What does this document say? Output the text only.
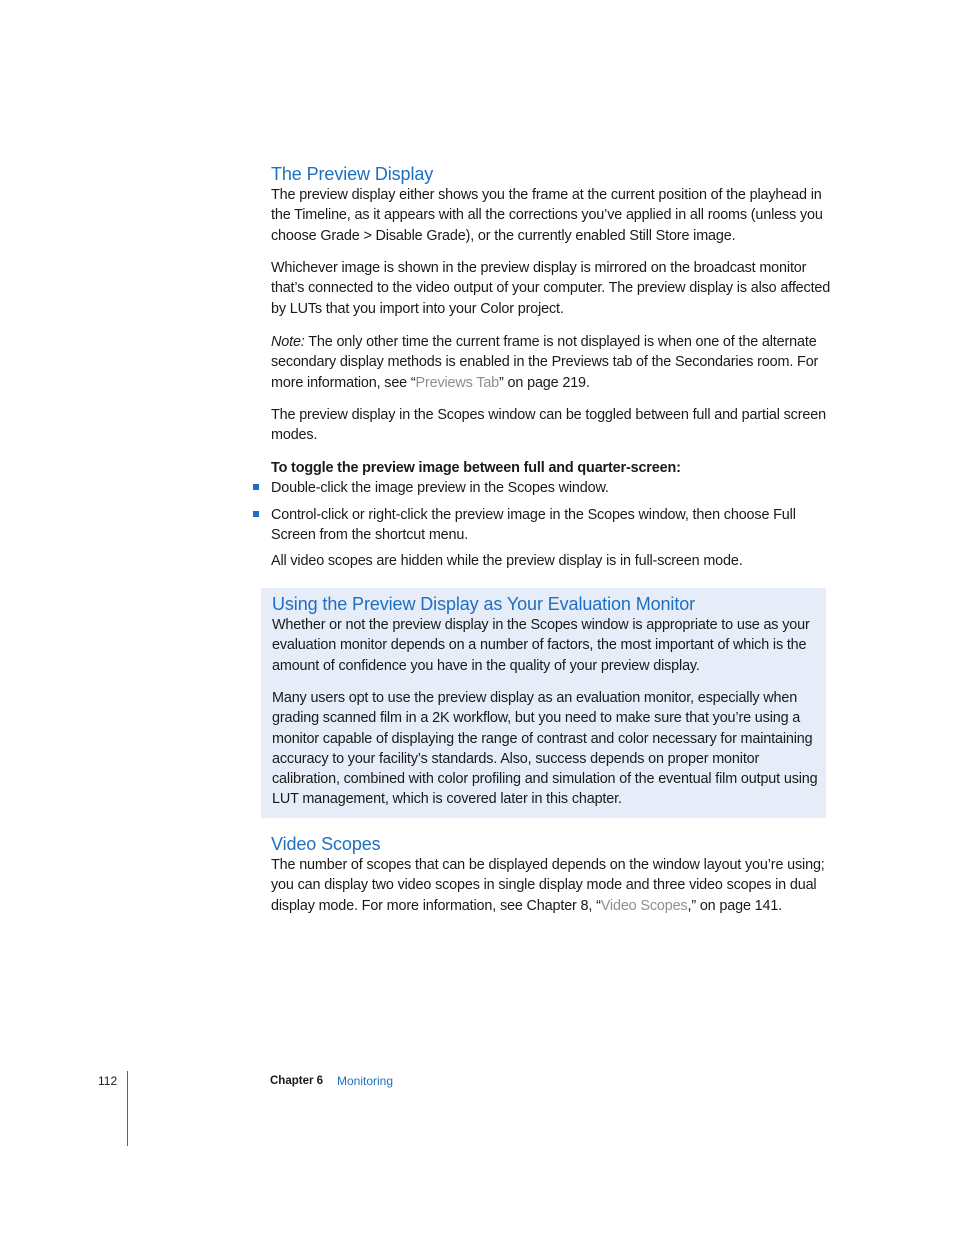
The Preview Display

The preview display either shows you the frame at the current position of the playhead in the Timeline, as it appears with all the corrections you’ve applied in all rooms (unless you choose Grade > Disable Grade), or the currently enabled Still Store image.

Whichever image is shown in the preview display is mirrored on the broadcast monitor that’s connected to the video output of your computer. The preview display is also affected by LUTs that you import into your Color project.

Note: The only other time the current frame is not displayed is when one of the alternate secondary display methods is enabled in the Previews tab of the Secondaries room. For more information, see “Previews Tab” on page 219.

The preview display in the Scopes window can be toggled between full and partial screen modes.

To toggle the preview image between full and quarter-screen:

Double-click the image preview in the Scopes window.

Control-click or right-click the preview image in the Scopes window, then choose Full Screen from the shortcut menu.

All video scopes are hidden while the preview display is in full-screen mode.

Using the Preview Display as Your Evaluation Monitor

Whether or not the preview display in the Scopes window is appropriate to use as your evaluation monitor depends on a number of factors, the most important of which is the amount of confidence you have in the quality of your preview display.

Many users opt to use the preview display as an evaluation monitor, especially when grading scanned film in a 2K workflow, but you need to make sure that you’re using a monitor capable of displaying the range of contrast and color necessary for maintaining accuracy to your facility’s standards. Also, success depends on proper monitor calibration, combined with color profiling and simulation of the eventual film output using LUT management, which is covered later in this chapter.

Video Scopes

The number of scopes that can be displayed depends on the window layout you’re using; you can display two video scopes in single display mode and three video scopes in dual display mode. For more information, see Chapter 8, “Video Scopes,” on page 141.

112	Chapter 6 Monitoring
